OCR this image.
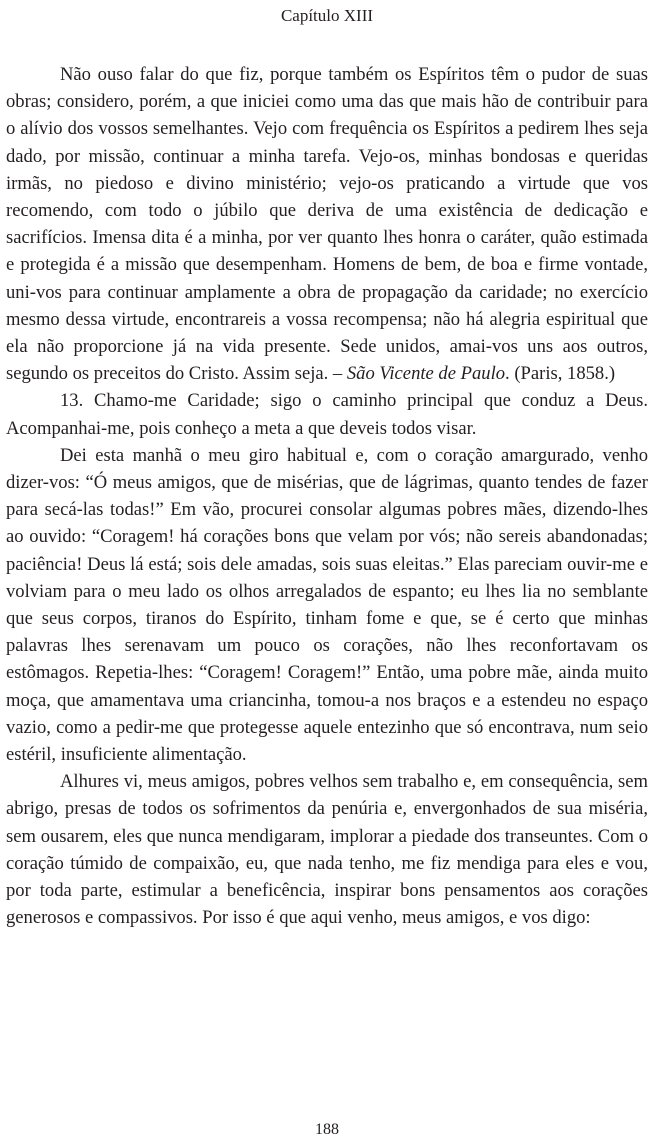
Capítulo XIII

Não ouso falar do que fiz, porque também os Espíritos têm o pudor de suas obras; considero, porém, a que iniciei como uma das que mais hão de contribuir para o alívio dos vossos semelhantes. Vejo com frequência os Espíritos a pedirem lhes seja dado, por missão, continuar a minha tarefa. Vejo-os, minhas bondosas e queridas irmãs, no piedoso e divino ministério; vejo-os praticando a virtude que vos recomendo, com todo o júbilo que deriva de uma existência de dedicação e sacrifícios. Imensa dita é a minha, por ver quanto lhes honra o caráter, quão estimada e protegida é a missão que desempenham. Homens de bem, de boa e firme vontade, uni-vos para continuar amplamente a obra de propagação da caridade; no exercício mesmo dessa virtude, encontrareis a vossa recompensa; não há alegria espiritual que ela não proporcione já na vida presente. Sede unidos, amai-vos uns aos outros, segundo os preceitos do Cristo. Assim seja. – São Vicente de Paulo. (Paris, 1858.)

13. Chamo-me Caridade; sigo o caminho principal que conduz a Deus. Acompanhai-me, pois conheço a meta a que deveis todos visar.

Dei esta manhã o meu giro habitual e, com o coração amargurado, venho dizer-vos: “Ó meus amigos, que de misérias, que de lágrimas, quanto tendes de fazer para secá-las todas!” Em vão, procurei consolar algumas pobres mães, dizendo-lhes ao ouvido: “Coragem! há corações bons que velam por vós; não sereis abandonadas; paciência! Deus lá está; sois dele amadas, sois suas eleitas.” Elas pareciam ouvir-me e volviam para o meu lado os olhos arregalados de espanto; eu lhes lia no semblante que seus corpos, tiranos do Espírito, tinham fome e que, se é certo que minhas palavras lhes serenavam um pouco os corações, não lhes reconfortavam os estômagos. Repetia-lhes: “Coragem! Coragem!” Então, uma pobre mãe, ainda muito moça, que amamentava uma criancinha, tomou-a nos braços e a estendeu no espaço vazio, como a pedir-me que protegesse aquele entezinho que só encontrava, num seio estéril, insuficiente alimentação.

Alhures vi, meus amigos, pobres velhos sem trabalho e, em consequência, sem abrigo, presas de todos os sofrimentos da penúria e, envergonhados de sua miséria, sem ousarem, eles que nunca mendigaram, implorar a piedade dos transeuntes. Com o coração túmido de compaixão, eu, que nada tenho, me fiz mendiga para eles e vou, por toda parte, estimular a beneficência, inspirar bons pensamentos aos corações generosos e compassivos. Por isso é que aqui venho, meus amigos, e vos digo:

188
